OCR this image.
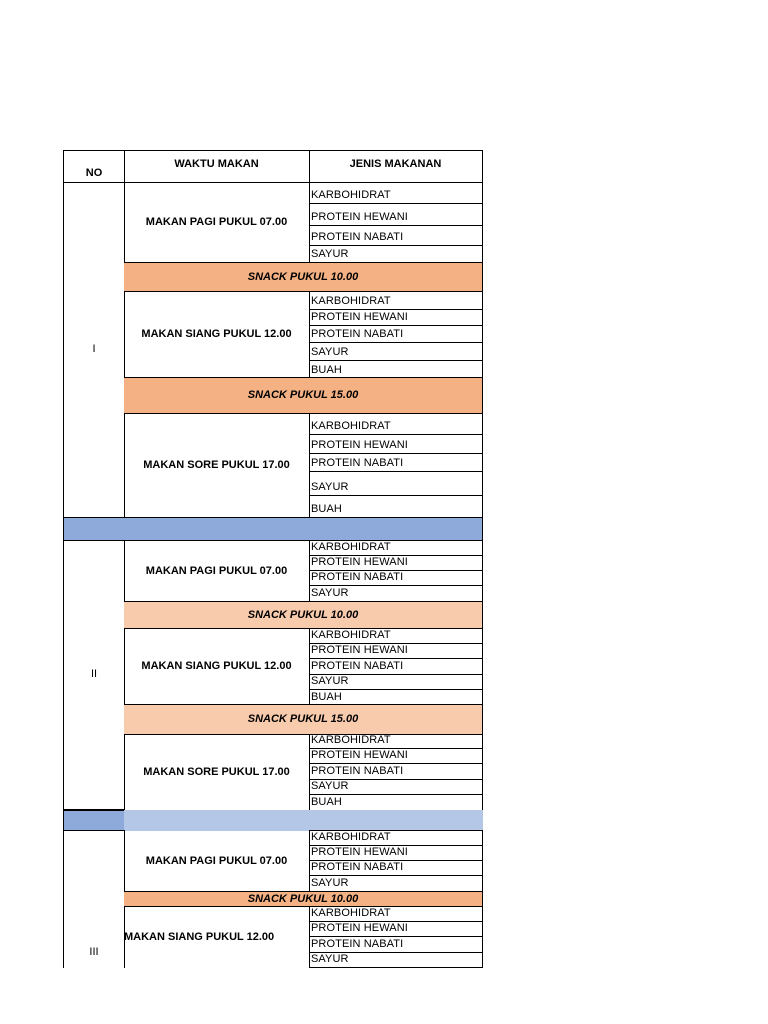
NO
WAKTU MAKAN	JENIS MAKANAN
I
MAKAN PAGI PUKUL 07.00
KARBOHIDRAT
PROTEIN HEWANI
PROTEIN NABATI
SAYUR
SNACK PUKUL 10.00
MAKAN SIANG PUKUL 12.00
KARBOHIDRAT
PROTEIN HEWANI
PROTEIN NABATI
SAYUR
BUAH
SNACK PUKUL 15.00
MAKAN SORE PUKUL 17.00
KARBOHIDRAT
PROTEIN HEWANI
PROTEIN NABATI
SAYUR
BUAH
II
MAKAN PAGI PUKUL 07.00
KARBOHIDRAT
PROTEIN HEWANI
PROTEIN NABATI
SAYUR
SNACK PUKUL 10.00
MAKAN SIANG PUKUL 12.00
KARBOHIDRAT
PROTEIN HEWANI
PROTEIN NABATI
SAYUR
BUAH
SNACK PUKUL 15.00
MAKAN SORE PUKUL 17.00
KARBOHIDRAT
PROTEIN HEWANI
PROTEIN NABATI
SAYUR
BUAH
III
MAKAN PAGI PUKUL 07.00
KARBOHIDRAT
PROTEIN HEWANI
PROTEIN NABATI
SAYUR
SNACK PUKUL 10.00
MAKAN SIANG PUKUL 12.00
KARBOHIDRAT
PROTEIN HEWANI
PROTEIN NABATI
SAYUR
